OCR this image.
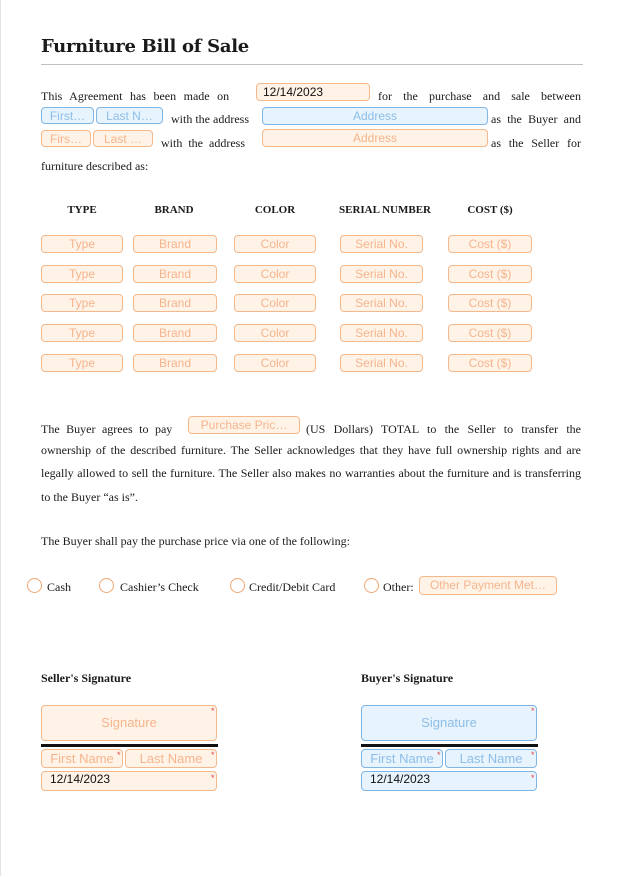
Furniture Bill of Sale
This Agreement has been made on	12/14/2023	for the purchase and sale between
First…	Last N…	with the address	Address	as the Buyer and
Firs…	Last …	with the address	Address	as the Seller for
furniture described as:
TYPE	BRAND	COLOR	SERIAL NUMBER	COST ($)
Type	Brand	Color	Serial No.	Cost ($)
Type	Brand	Color	Serial No.	Cost ($)
Type	Brand	Color	Serial No.	Cost ($)
Type	Brand	Color	Serial No.	Cost ($)
Type	Brand	Color	Serial No.	Cost ($)
The Buyer agrees to pay	Purchase Pric…	(US Dollars) TOTAL to the Seller to transfer the
ownership of the described furniture. The Seller acknowledges that they have full ownership rights and are legally allowed to sell the furniture. The Seller also makes no warranties about the furniture and is transferring to the Buyer “as is”.
The Buyer shall pay the purchase price via one of the following:
Cash	Cashier’s Check	Credit/Debit Card	Other:	Other Payment Met…
Seller's Signature
Signature
*
First Name *	Last Name *
12/14/2023	*
Buyer's Signature
Signature
*
First Name *	Last Name *
12/14/2023	*
